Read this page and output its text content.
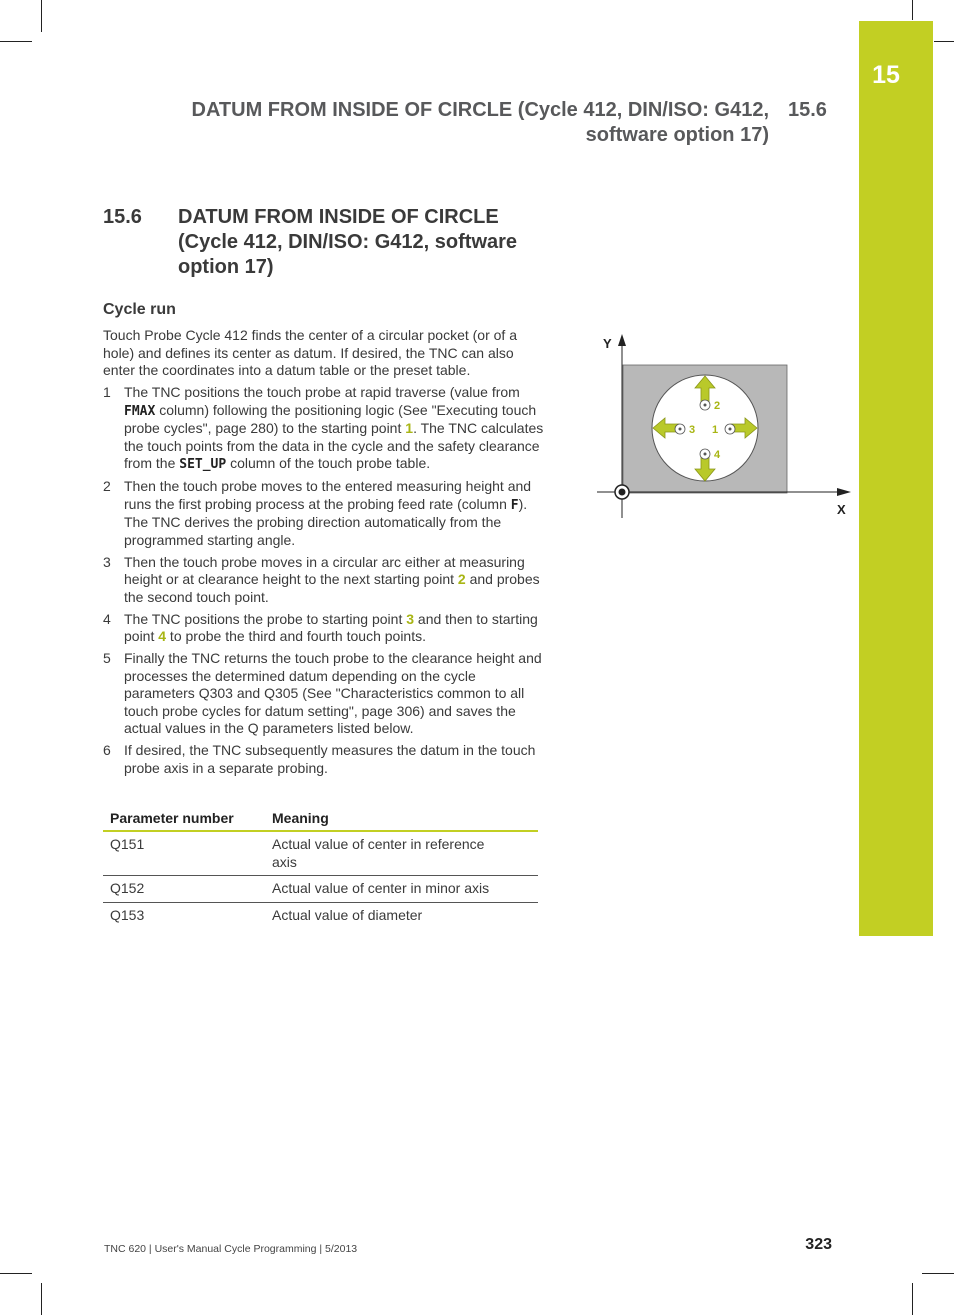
15
DATUM FROM INSIDE OF CIRCLE (Cycle 412, DIN/ISO: G412,
software option 17)
15.6
15.6 DATUM FROM INSIDE OF CIRCLE
(Cycle 412, DIN/ISO: G412, software
option 17)
Cycle run

Touch Probe Cycle 412 finds the center of a circular pocket (or of a hole) and defines its center as datum. If desired, the TNC can also enter the coordinates into a datum table or the preset table.

1 The TNC positions the touch probe at rapid traverse (value from FMAX column) following the positioning logic (See "Executing touch probe cycles", page 280) to the starting point 1. The TNC calculates the touch points from the data in the cycle and the safety clearance from the SET_UP column of the touch probe table.
2 Then the touch probe moves to the entered measuring height and runs the first probing process at the probing feed rate (column F). The TNC derives the probing direction automatically from the programmed starting angle.
3 Then the touch probe moves in a circular arc either at measuring height or at clearance height to the next starting point 2 and probes the second touch point.
4 The TNC positions the probe to starting point 3 and then to starting point 4 to probe the third and fourth touch points.
5 Finally the TNC returns the touch probe to the clearance height and processes the determined datum depending on the cycle parameters Q303 and Q305 (See "Characteristics common to all touch probe cycles for datum setting", page 306) and saves the actual values in the Q parameters listed below.
6 If desired, the TNC subsequently measures the datum in the touch probe axis in a separate probing.
Parameter number	Meaning
Q151	Actual value of center in reference axis
Q152	Actual value of center in minor axis
Q153	Actual value of diameter
Y
X
2
4
3 1
TNC 620 | User's Manual Cycle Programming | 5/2013	323
